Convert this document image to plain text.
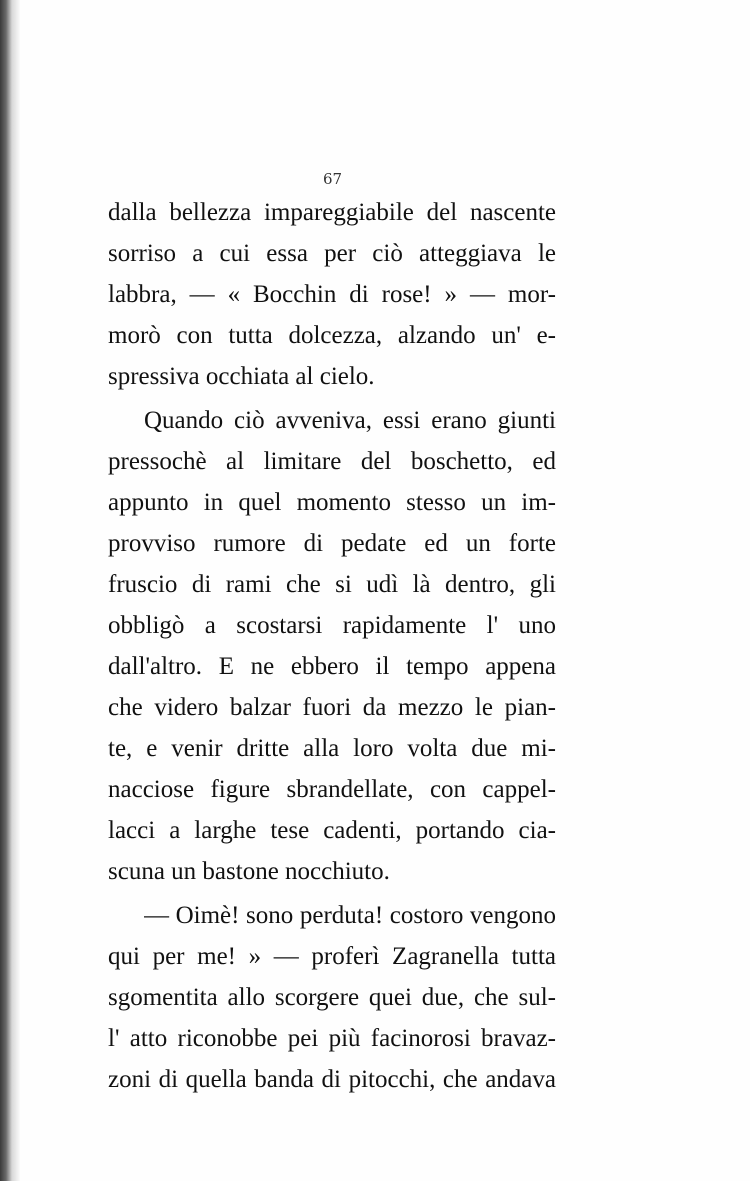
67
dalla bellezza impareggiabile del nascente
sorriso a cui essa per ciò atteggiava le
labbra, — « Bocchin di rose! » — mor-
morò con tutta dolcezza, alzando un' e-
spressiva occhiata al cielo.
Quando ciò avveniva, essi erano giunti
pressochè al limitare del boschetto, ed
appunto in quel momento stesso un im-
provviso rumore di pedate ed un forte
fruscio di rami che si udì là dentro, gli
obbligò a scostarsi rapidamente l' uno
dall'altro. E ne ebbero il tempo appena
che videro balzar fuori da mezzo le pian-
te, e venir dritte alla loro volta due mi-
nacciose figure sbrandellate, con cappel-
lacci a larghe tese cadenti, portando cia-
scuna un bastone nocchiuto.
— Oimè! sono perduta! costoro vengono
qui per me! » — proferì Zagranella tutta
sgomentita allo scorgere quei due, che sul-
l' atto riconobbe pei più facinorosi bravaz-
zoni di quella banda di pitocchi, che andava
